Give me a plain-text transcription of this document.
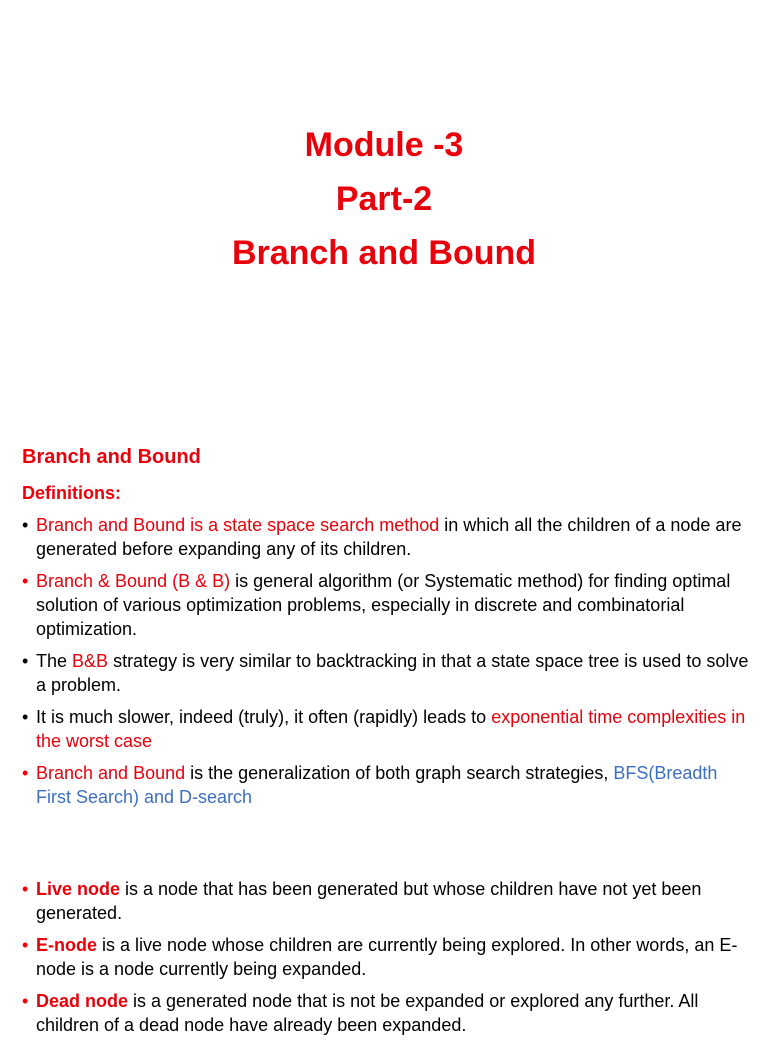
Module -3
Part-2
Branch and Bound
Branch and Bound
Definitions:
• Branch and Bound is a state space search method in which all the children of a node are generated before expanding any of its children.
• Branch & Bound (B & B) is general algorithm (or Systematic method) for finding optimal solution of various optimization problems, especially in discrete and combinatorial optimization.
• The B&B strategy is very similar to backtracking in that a state space tree is used to solve a problem.
• It is much slower, indeed (truly), it often (rapidly) leads to exponential time complexities in the worst case
• Branch and Bound is the generalization of both graph search strategies, BFS(Breadth First Search) and D-search
• Live node is a node that has been generated but whose children have not yet been generated.
• E-node is a live node whose children are currently being explored. In other words, an E-node is a node currently being expanded.
• Dead node is a generated node that is not be expanded or explored any further. All children of a dead node have already been expanded.
